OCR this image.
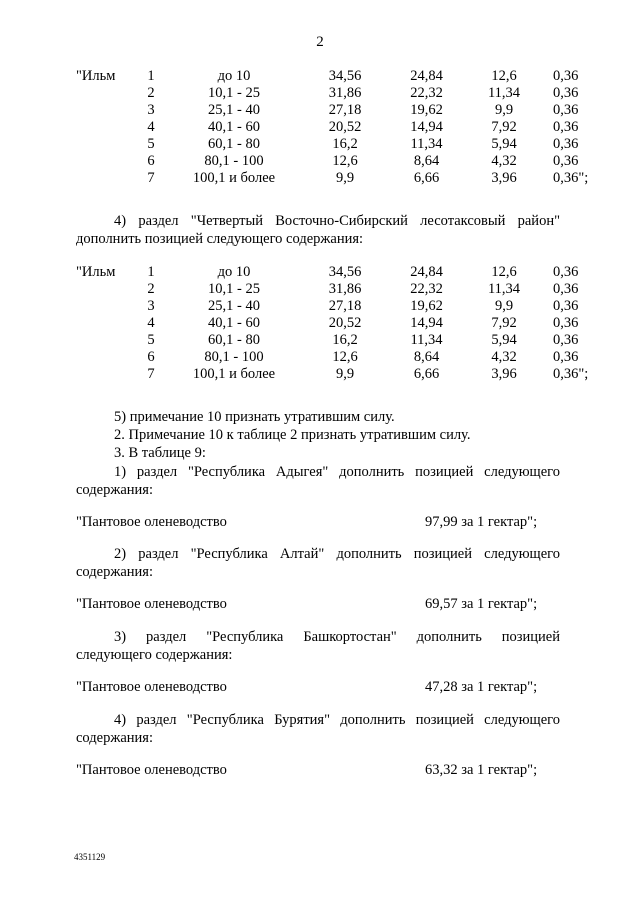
2
"Ильм	1	до 10	34,56	24,84	12,6	0,36
	2	10,1 - 25	31,86	22,32	11,34	0,36
	3	25,1 - 40	27,18	19,62	9,9	0,36
	4	40,1 - 60	20,52	14,94	7,92	0,36
	5	60,1 - 80	16,2	11,34	5,94	0,36
	6	80,1 - 100	12,6	8,64	4,32	0,36
	7	100,1 и более	9,9	6,66	3,96	0,36";

4) раздел "Четвертый Восточно-Сибирский лесотаксовый район"

дополнить позицией следующего содержания:

"Ильм	1	до 10	34,56	24,84	12,6	0,36
	2	10,1 - 25	31,86	22,32	11,34	0,36
	3	25,1 - 40	27,18	19,62	9,9	0,36
	4	40,1 - 60	20,52	14,94	7,92	0,36
	5	60,1 - 80	16,2	11,34	5,94	0,36
	6	80,1 - 100	12,6	8,64	4,32	0,36
	7	100,1 и более	9,9	6,66	3,96	0,36";

5) примечание 10 признать утратившим силу.

2. Примечание 10 к таблице 2 признать утратившим силу.

3. В таблице 9:

1) раздел "Республика Адыгея" дополнить позицией следующего

содержания:

"Пантовое оленеводство	97,99 за 1 гектар";

2) раздел "Республика Алтай" дополнить позицией следующего

содержания:

"Пантовое оленеводство	69,57 за 1 гектар";

3) раздел "Республика Башкортостан" дополнить позицией

следующего содержания:

"Пантовое оленеводство	47,28 за 1 гектар";

4) раздел "Республика Бурятия" дополнить позицией следующего

содержания:

"Пантовое оленеводство	63,32 за 1 гектар";
4351129
